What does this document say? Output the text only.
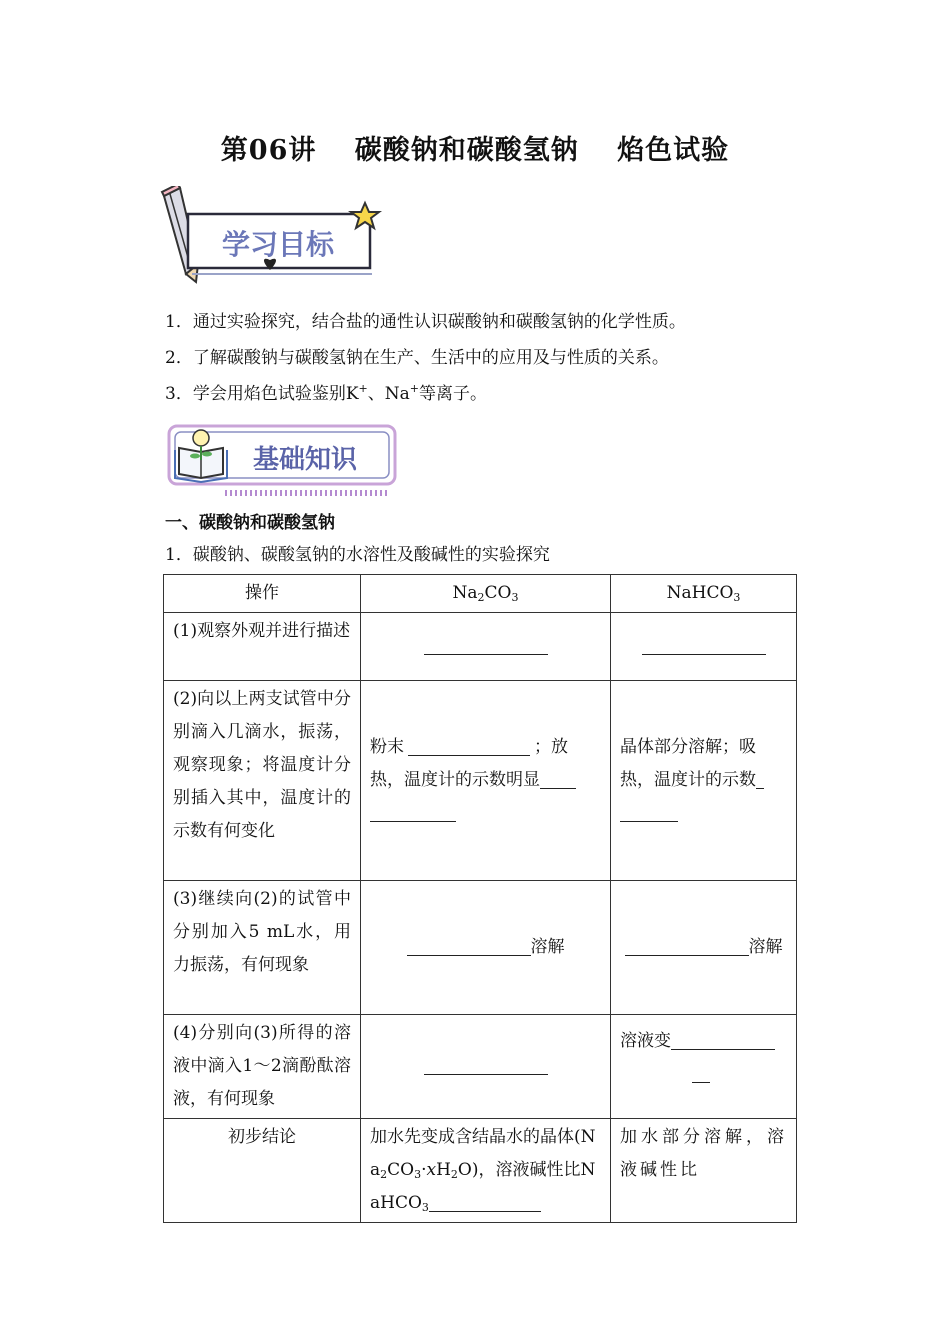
第06讲 碳酸钠和碳酸氢钠 焰色试验
学习目标
1．通过实验探究，结合盐的通性认识碳酸钠和碳酸氢钠的化学性质。
2．了解碳酸钠与碳酸氢钠在生产、生活中的应用及与性质的关系。
3．学会用焰色试验鉴别K+、Na+等离子。
基础知识
一、碳酸钠和碳酸氢钠
1．碳酸钠、碳酸氢钠的水溶性及酸碱性的实验探究
操作	$Na_2CO_3$	NaHCO$_3$
(1)观察外观并进行描述		
(2)向以上两支试管中分别滴入几滴水，振荡，观察现象；将温度计分别插入其中，温度计的示数有何变化	粉末 ；放热，温度计的示数明显	晶体部分溶解；吸热，温度计的示数

(3)继续向(2)的试管中分别加入5 mL水，用力振荡，有何现象	溶解	溶解
(4)分别向(3)所得的溶液中滴入1～2滴酚酞溶液，有何现象		溶液变

初步结论	加水先变成含结晶水的晶体$(Na_2CO_3\cdot xH_2O)$，溶液碱性比NaHCO$_3$	加水部分溶解，溶液碱性比
